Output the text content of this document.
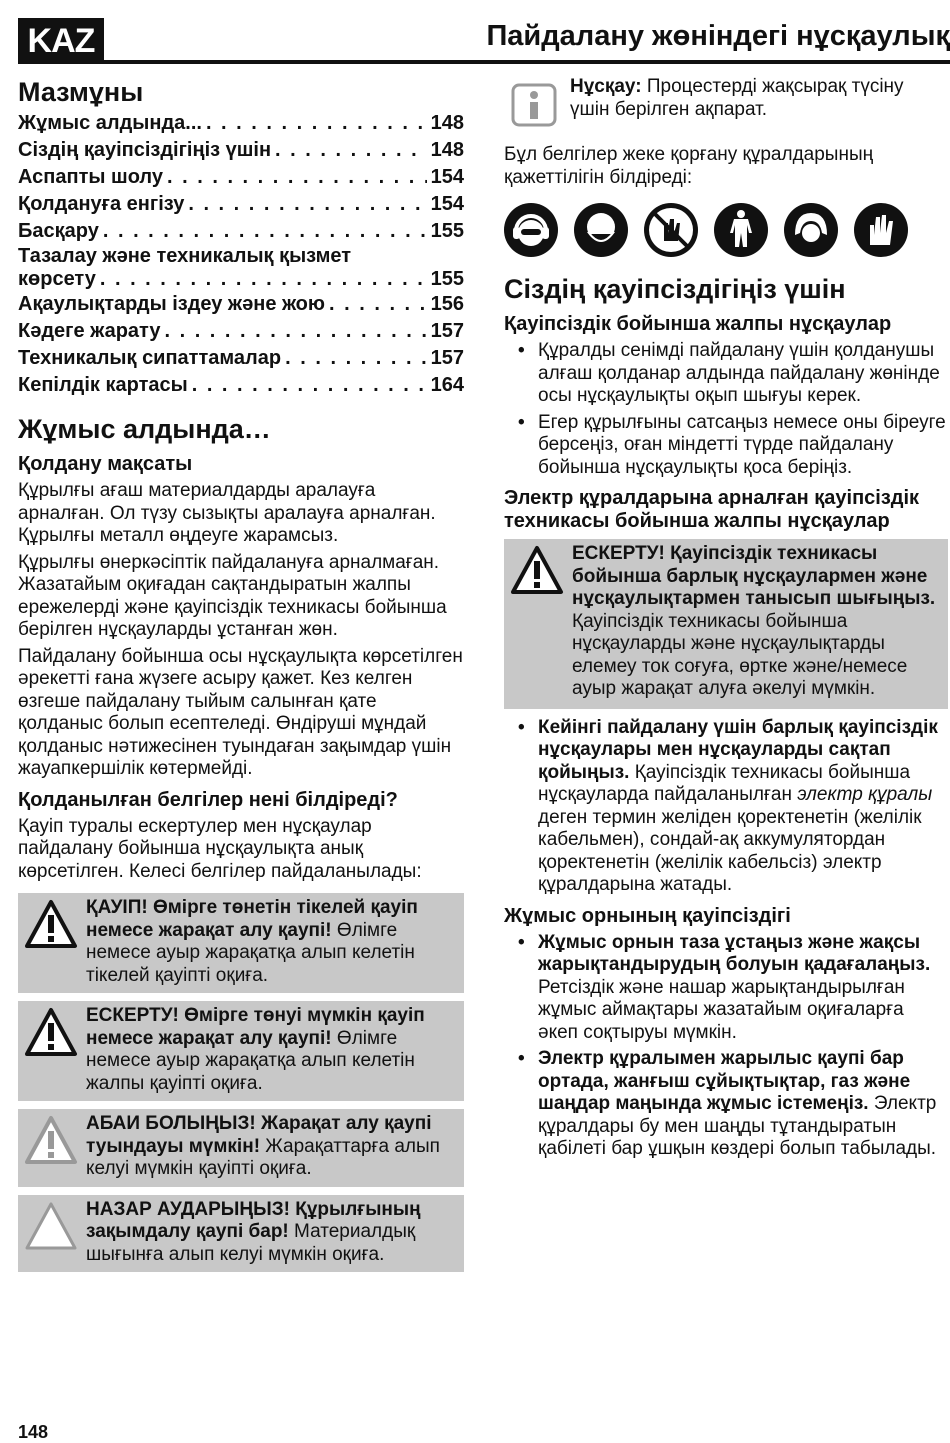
KAZ	Пайдалану жөніндегі нұсқаулық
Мазмұны
Жұмыс алдында... . . .	148
Сіздің қауіпсіздігіңіз үшін . . .	148
Аспапты шолу . . .	154
Қолдануға енгізу . . .	154
Басқару . . .	155
Тазалау және техникалық қызмет
көрсету . . .	155
Ақаулықтарды іздеу және жою . . .	156
Кәдеге жарату . . .	157
Техникалық сипаттамалар . . .	157
Кепілдік картасы . . .	164
Жұмыс алдында…
Қолдану мақсаты

Құрылғы ағаш материалдарды аралауға арналған. Ол түзу сызықты аралауға арналған. Құрылғы металл өңдеуге жарамсыз.

Құрылғы өнеркәсіптік пайдалануға арналмаған. Жазатайым оқиғадан сақтандыратын жалпы ережелерді және қауіпсіздік техникасы бойынша берілген нұсқауларды ұстанған жөн.

Пайдалану бойынша осы нұсқаулықта көрсетілген әрекетті ғана жүзеге асыру қажет. Кез келген өзгеше пайдалану тыйым салынған қате қолданыс болып есептеледі. Өндіруші мұндай қолданыс нәтижесінен туындаған зақымдар үшін жауапкершілік көтермейді.

Қолданылған белгілер нені білдіреді?

Қауіп туралы ескертулер мен нұсқаулар пайдалану бойынша нұсқаулықта анық көрсетілген. Келесі белгілер пайдаланылады:

ҚАУІП! Өмірге төнетін тікелей қауіп немесе жарақат алу қаупі! Өлімге немесе ауыр жарақатқа алып келетін тікелей қауіпті оқиға.

ЕСКЕРТУ! Өмірге төнуі мүмкін қауіп немесе жарақат алу қаупі! Өлімге немесе ауыр жарақатқа алып келетін жалпы қауіпті оқиға.

АБАИ БОЛЫҢЫЗ! Жарақат алу қаупі туындауы мүмкін! Жарақаттарға алып келуі мүмкін қауіпті оқиға.

НАЗАР АУДАРЫҢЫЗ! Құрылғының зақымдалу қаупі бар! Материалдық шығынға алып келуі мүмкін оқиға.

Нұсқау: Процестерді жақсырақ түсіну үшін берілген ақпарат.

Бұл белгілер жеке қорғану құралдарының қажеттілігін білдіреді:

Сіздің қауіпсіздігіңіз үшін
Қауіпсіздік бойынша жалпы нұсқаулар
• Құралды сенімді пайдалану үшін қолданушы алғаш қолданар алдында пайдалану жөнінде осы нұсқаулықты оқып шығуы керек.
• Егер құрылғыны сатсаңыз немесе оны біреуге берсеңіз, оған міндетті түрде пайдалану бойынша нұсқаулықты қоса беріңіз.
Электр құралдарына арналған қауіпсіздік техникасы бойынша жалпы нұсқаулар

ЕСКЕРТУ! Қауіпсіздік техникасы бойынша барлық нұсқаулармен және нұсқаулықтармен танысып шығыңыз. Қауіпсіздік техникасы бойынша нұсқауларды және нұсқаулықтарды елемеу ток соғуға, өртке және/немесе ауыр жарақат алуға әкелуі мүмкін.

• Кейінгі пайдалану үшін барлық қауіпсіздік нұсқаулары мен нұсқауларды сақтап қойыңыз. Қауіпсіздік техникасы бойынша нұсқауларда пайдаланылған электр құралы деген термин желіден қоректенетін (желілік кабельмен), сондай-ақ аккумулятордан қоректенетін (желілік кабельсіз) электр құралдарына жатады.
Жұмыс орнының қауіпсіздігі
• Жұмыс орнын таза ұстаңыз және жақсы жарықтандырудың болуын қадағалаңыз. Ретсіздік және нашар жарықтандырылған жұмыс аймақтары жазатайым оқиғаларға әкеп соқтыруы мүмкін.
• Электр құралымен жарылыс қаупі бар ортада, жанғыш сұйықтықтар, газ және шаңдар маңында жұмыс істемеңіз. Электр құралдары бу мен шаңды тұтандыратын қабілеті бар ұшқын көздері болып табылады.
148
